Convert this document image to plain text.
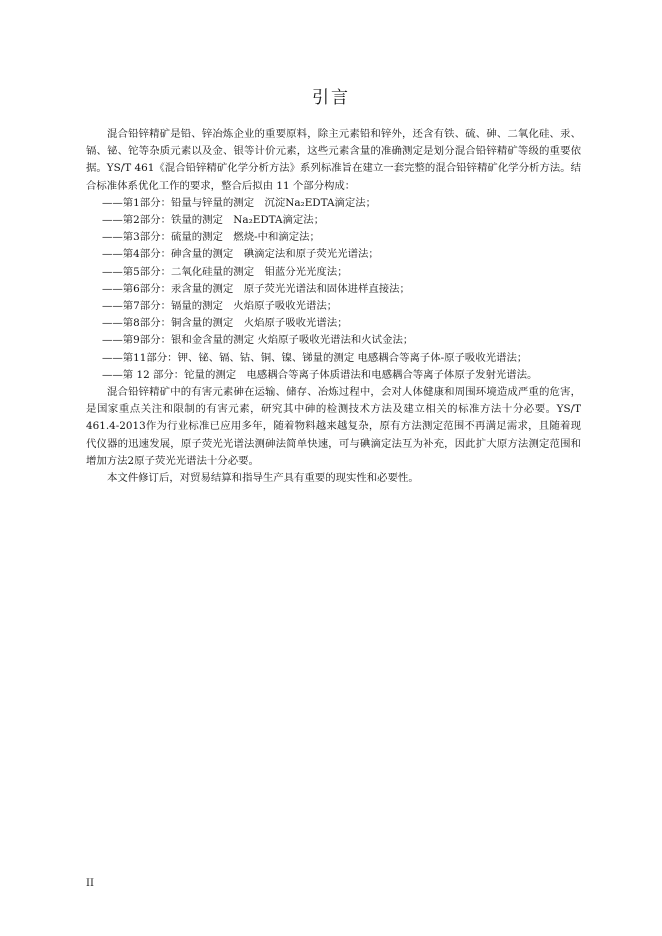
引言

混合铅锌精矿是铅、锌冶炼企业的重要原料，除主元素铅和锌外，还含有铁、硫、砷、二氧化硅、汞、镉、铋、铊等杂质元素以及金、银等计价元素，这些元素含量的准确测定是划分混合铅锌精矿等级的重要依据。YS/T 461《混合铅锌精矿化学分析方法》系列标准旨在建立一套完整的混合铅锌精矿化学分析方法。结合标准体系优化工作的要求，整合后拟由 11 个部分构成：

——第1部分：铅量与锌量的测定　沉淀Na₂EDTA滴定法；
——第2部分：铁量的测定　Na₂EDTA滴定法；
——第3部分：硫量的测定　燃烧-中和滴定法；
——第4部分：砷含量的测定　碘滴定法和原子荧光光谱法；
——第5部分：二氧化硅量的测定　钼蓝分光光度法；
——第6部分：汞含量的测定　原子荧光光谱法和固体进样直接法；
——第7部分：镉量的测定　火焰原子吸收光谱法；
——第8部分：铜含量的测定　火焰原子吸收光谱法；
——第9部分：银和金含量的测定 火焰原子吸收光谱法和火试金法；
——第11部分：钾、铋、镉、钴、铜、镍、锑量的测定 电感耦合等离子体-原子吸收光谱法；
——第 12 部分：铊量的测定　电感耦合等离子体质谱法和电感耦合等离子体原子发射光谱法。

混合铅锌精矿中的有害元素砷在运输、储存、冶炼过程中，会对人体健康和周围环境造成严重的危害，是国家重点关注和限制的有害元素，研究其中砷的检测技术方法及建立相关的标准方法十分必要。YS/T 461.4-2013作为行业标准已应用多年，随着物料越来越复杂，原有方法测定范围不再满足需求，且随着现代仪器的迅速发展，原子荧光光谱法测砷法简单快速，可与碘滴定法互为补充，因此扩大原方法测定范围和增加方法2原子荧光光谱法十分必要。

本文件修订后，对贸易结算和指导生产具有重要的现实性和必要性。

II
